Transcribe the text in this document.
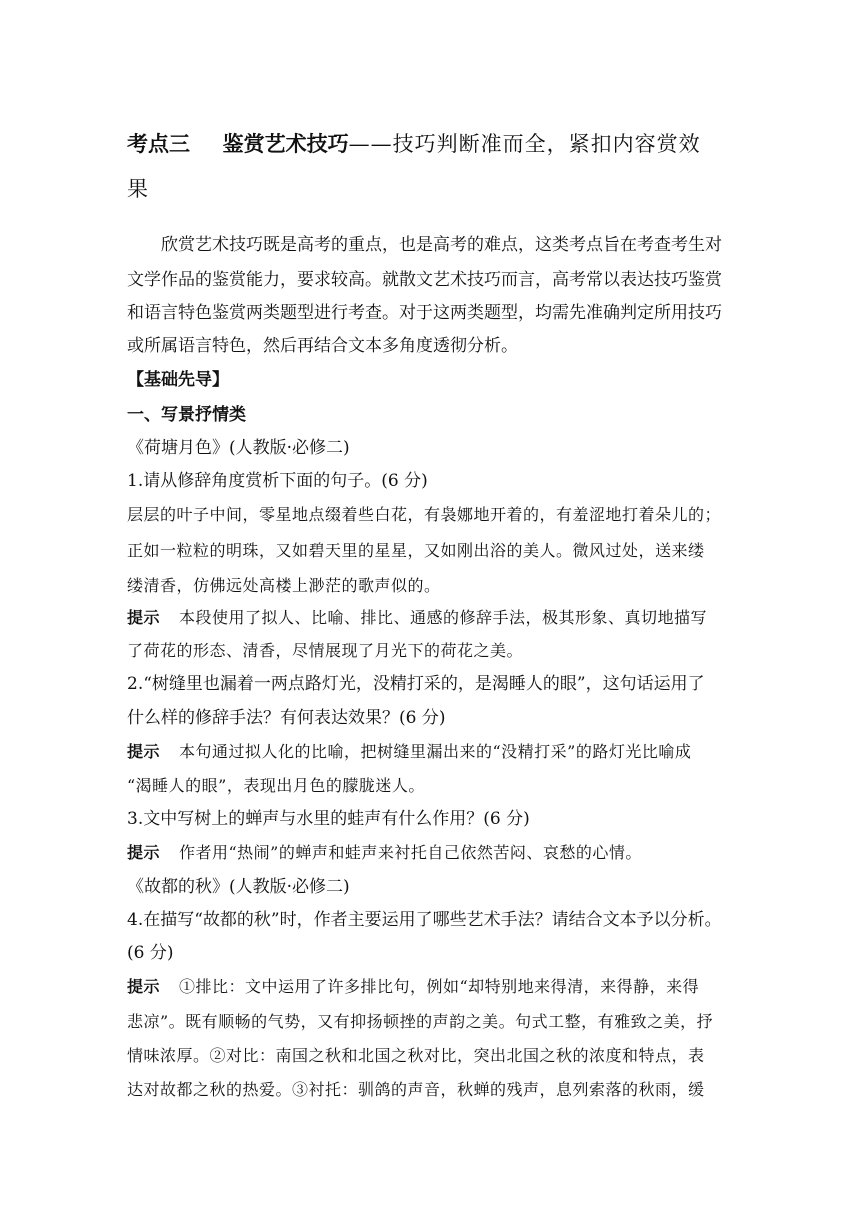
考点三 鉴赏艺术技巧——技巧判断准而全，紧扣内容赏效
果
欣赏艺术技巧既是高考的重点，也是高考的难点，这类考点旨在考查考生对
文学作品的鉴赏能力，要求较高。就散文艺术技巧而言，高考常以表达技巧鉴赏
和语言特色鉴赏两类题型进行考查。对于这两类题型，均需先准确判定所用技巧
或所属语言特色，然后再结合文本多角度透彻分析。
【基础先导】
一、写景抒情类
《荷塘月色》(人教版·必修二)
1.请从修辞角度赏析下面的句子。(6 分)
层层的叶子中间，零星地点缀着些白花，有袅娜地开着的，有羞涩地打着朵儿的；
正如一粒粒的明珠，又如碧天里的星星，又如刚出浴的美人。微风过处，送来缕
缕清香，仿佛远处高楼上渺茫的歌声似的。
提示 本段使用了拟人、比喻、排比、通感的修辞手法，极其形象、真切地描写
了荷花的形态、清香，尽情展现了月光下的荷花之美。
2.“树缝里也漏着一两点路灯光，没精打采的，是渴睡人的眼”，这句话运用了
什么样的修辞手法？有何表达效果？(6 分)
提示 本句通过拟人化的比喻，把树缝里漏出来的“没精打采”的路灯光比喻成
“渴睡人的眼”，表现出月色的朦胧迷人。
3.文中写树上的蝉声与水里的蛙声有什么作用？(6 分)
提示 作者用“热闹”的蝉声和蛙声来衬托自己依然苦闷、哀愁的心情。
《故都的秋》(人教版·必修二)
4.在描写“故都的秋”时，作者主要运用了哪些艺术手法？请结合文本予以分析。
(6 分)
提示 ①排比：文中运用了许多排比句，例如“却特别地来得清，来得静，来得
悲凉”。既有顺畅的气势，又有抑扬顿挫的声韵之美。句式工整，有雅致之美，抒
情味浓厚。②对比：南国之秋和北国之秋对比，突出北国之秋的浓度和特点，表
达对故都之秋的热爱。③衬托：驯鸽的声音，秋蝉的残声，息列索落的秋雨，缓
